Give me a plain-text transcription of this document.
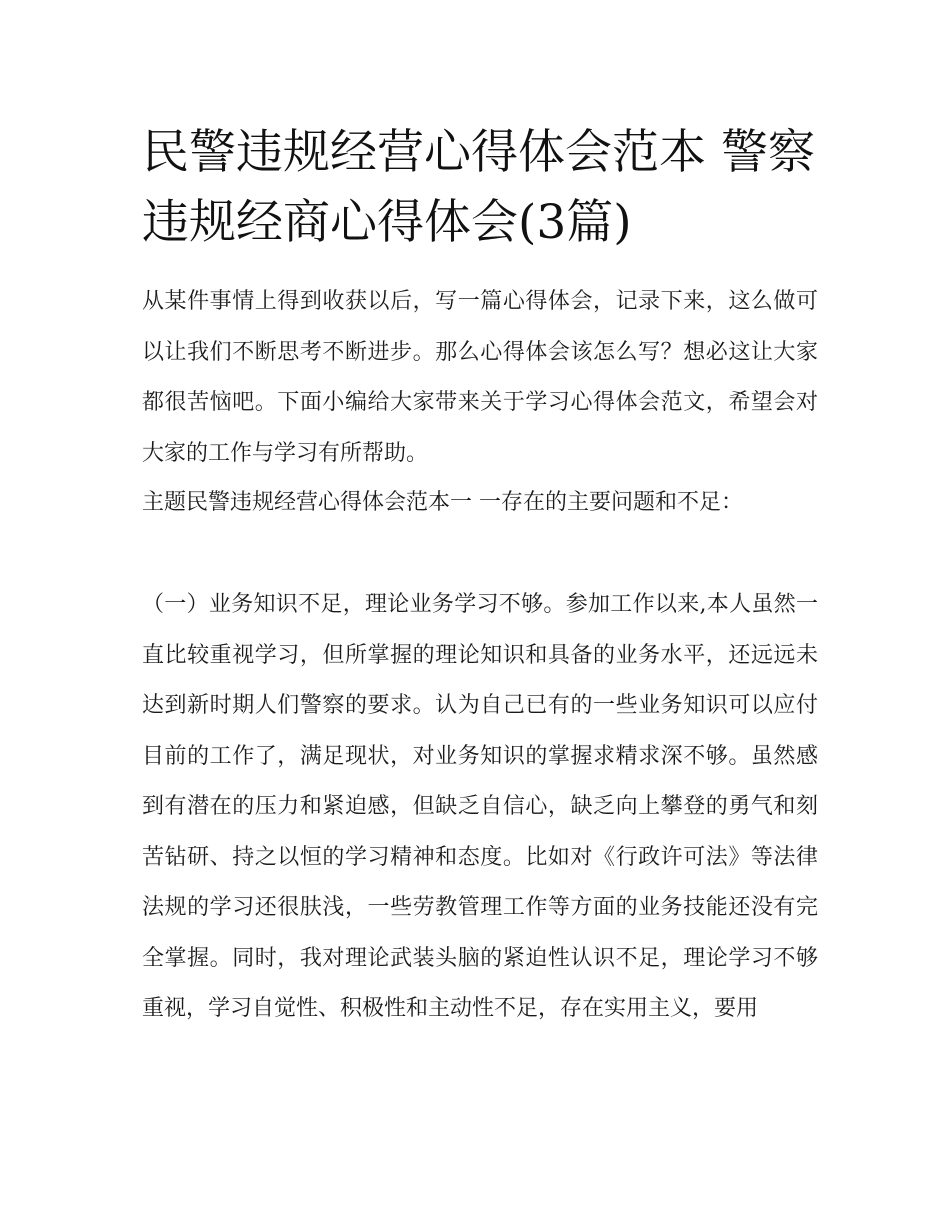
民警违规经营心得体会范本 警察违规经商心得体会(3篇)

从某件事情上得到收获以后，写一篇心得体会，记录下来，这么做可以让我们不断思考不断进步。那么心得体会该怎么写？想必这让大家都很苦恼吧。下面小编给大家带来关于学习心得体会范文，希望会对大家的工作与学习有所帮助。

主题民警违规经营心得体会范本一 一存在的主要问题和不足：

（一）业务知识不足，理论业务学习不够。参加工作以来,本人虽然一直比较重视学习，但所掌握的理论知识和具备的业务水平，还远远未达到新时期人们警察的要求。认为自己已有的一些业务知识可以应付目前的工作了，满足现状，对业务知识的掌握求精求深不够。虽然感到有潜在的压力和紧迫感，但缺乏自信心，缺乏向上攀登的勇气和刻苦钻研、持之以恒的学习精神和态度。比如对《行政许可法》等法律法规的学习还很肤浅，一些劳教管理工作等方面的业务技能还没有完全掌握。同时，我对理论武装头脑的紧迫性认识不足，理论学习不够重视，学习自觉性、积极性和主动性不足，存在实用主义，要用
